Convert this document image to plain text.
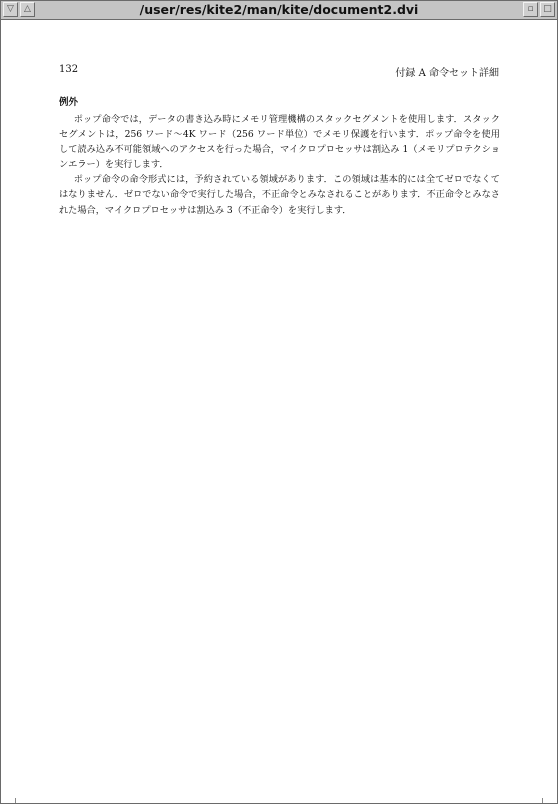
▽	△	/user/res/kite2/man/kite/document2.dvi	▫	□
132	付録 A 命令セット詳細
例外

ポップ命令では，データの書き込み時にメモリ管理機構のスタックセグメントを使用します．スタックセグメントは，256 ワード〜4K ワード（256 ワード単位）でメモリ保護を行います．ポップ命令を使用して読み込み不可能領域へのアクセスを行った場合，マイクロプロセッサは割込み 1（メモリプロテクションエラー）を実行します．

ポップ命令の命令形式には，予約されている領域があります．この領域は基本的には全てゼロでなくてはなりません．ゼロでない命令で実行した場合，不正命令とみなされることがあります．不正命令とみなされた場合，マイクロプロセッサは割込み 3（不正命令）を実行します．
